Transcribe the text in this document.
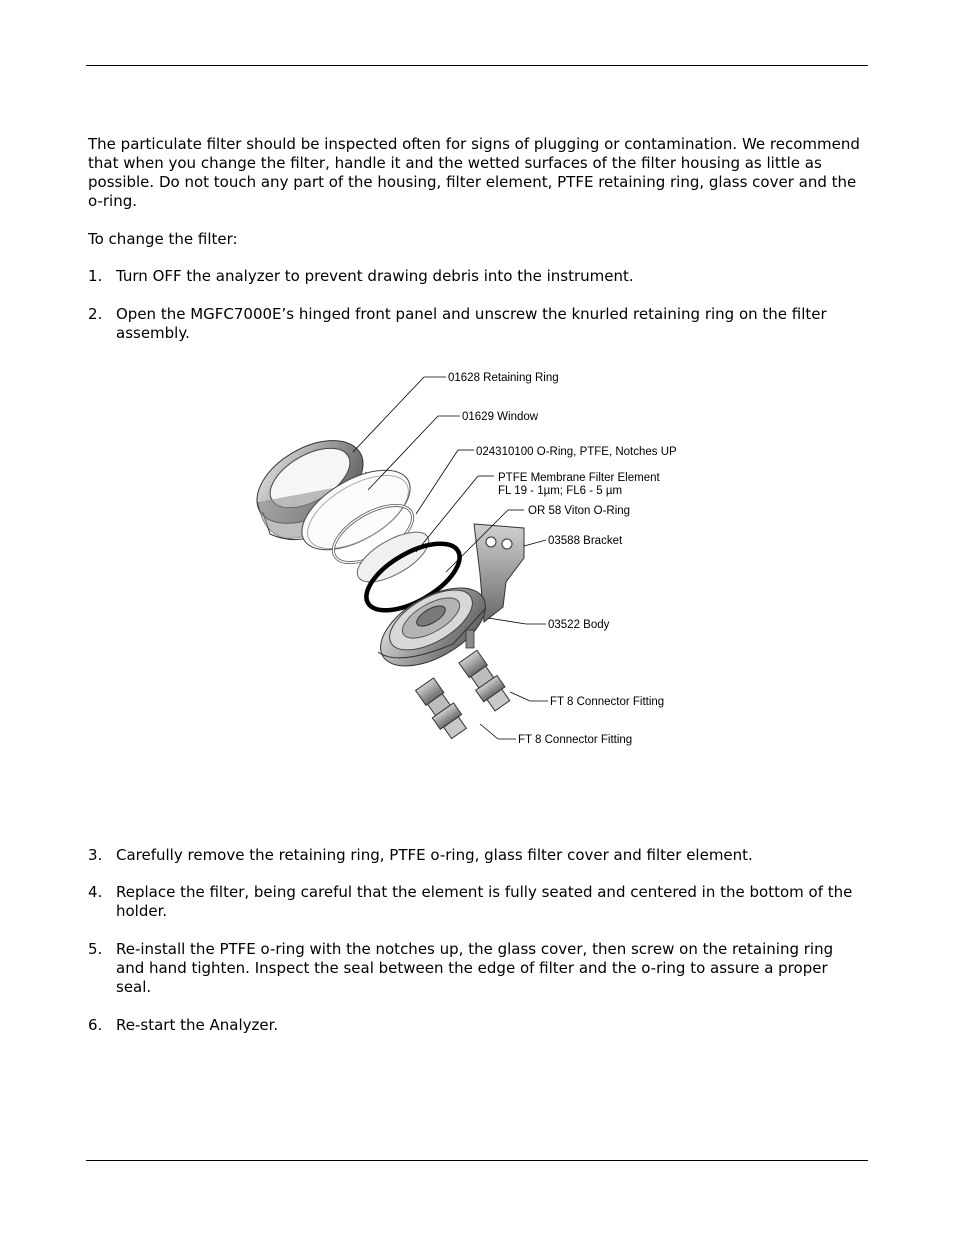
The particulate filter should be inspected often for signs of plugging or contamination. We recommend that when you change the filter, handle it and the wetted surfaces of the filter housing as little as possible. Do not touch any part of the housing, filter element, PTFE retaining ring, glass cover and the o-ring.

To change the filter:

1. Turn OFF the analyzer to prevent drawing debris into the instrument.
2. Open the MGFC7000E’s hinged front panel and unscrew the knurled retaining ring on the filter assembly.
01628 Retaining Ring
01629 Window
024310100 O-Ring, PTFE, Notches UP
PTFE Membrane Filter Element
FL 19 - 1µm; FL6 - 5 µm
OR 58 Viton O-Ring
03588 Bracket
03522 Body
FT 8 Connector Fitting
FT 8 Connector Fitting
3. Carefully remove the retaining ring, PTFE o-ring, glass filter cover and filter element.
4. Replace the filter, being careful that the element is fully seated and centered in the bottom of the holder.
5. Re-install the PTFE o-ring with the notches up, the glass cover, then screw on the retaining ring and hand tighten. Inspect the seal between the edge of filter and the o-ring to assure a proper seal.
6. Re-start the Analyzer.
